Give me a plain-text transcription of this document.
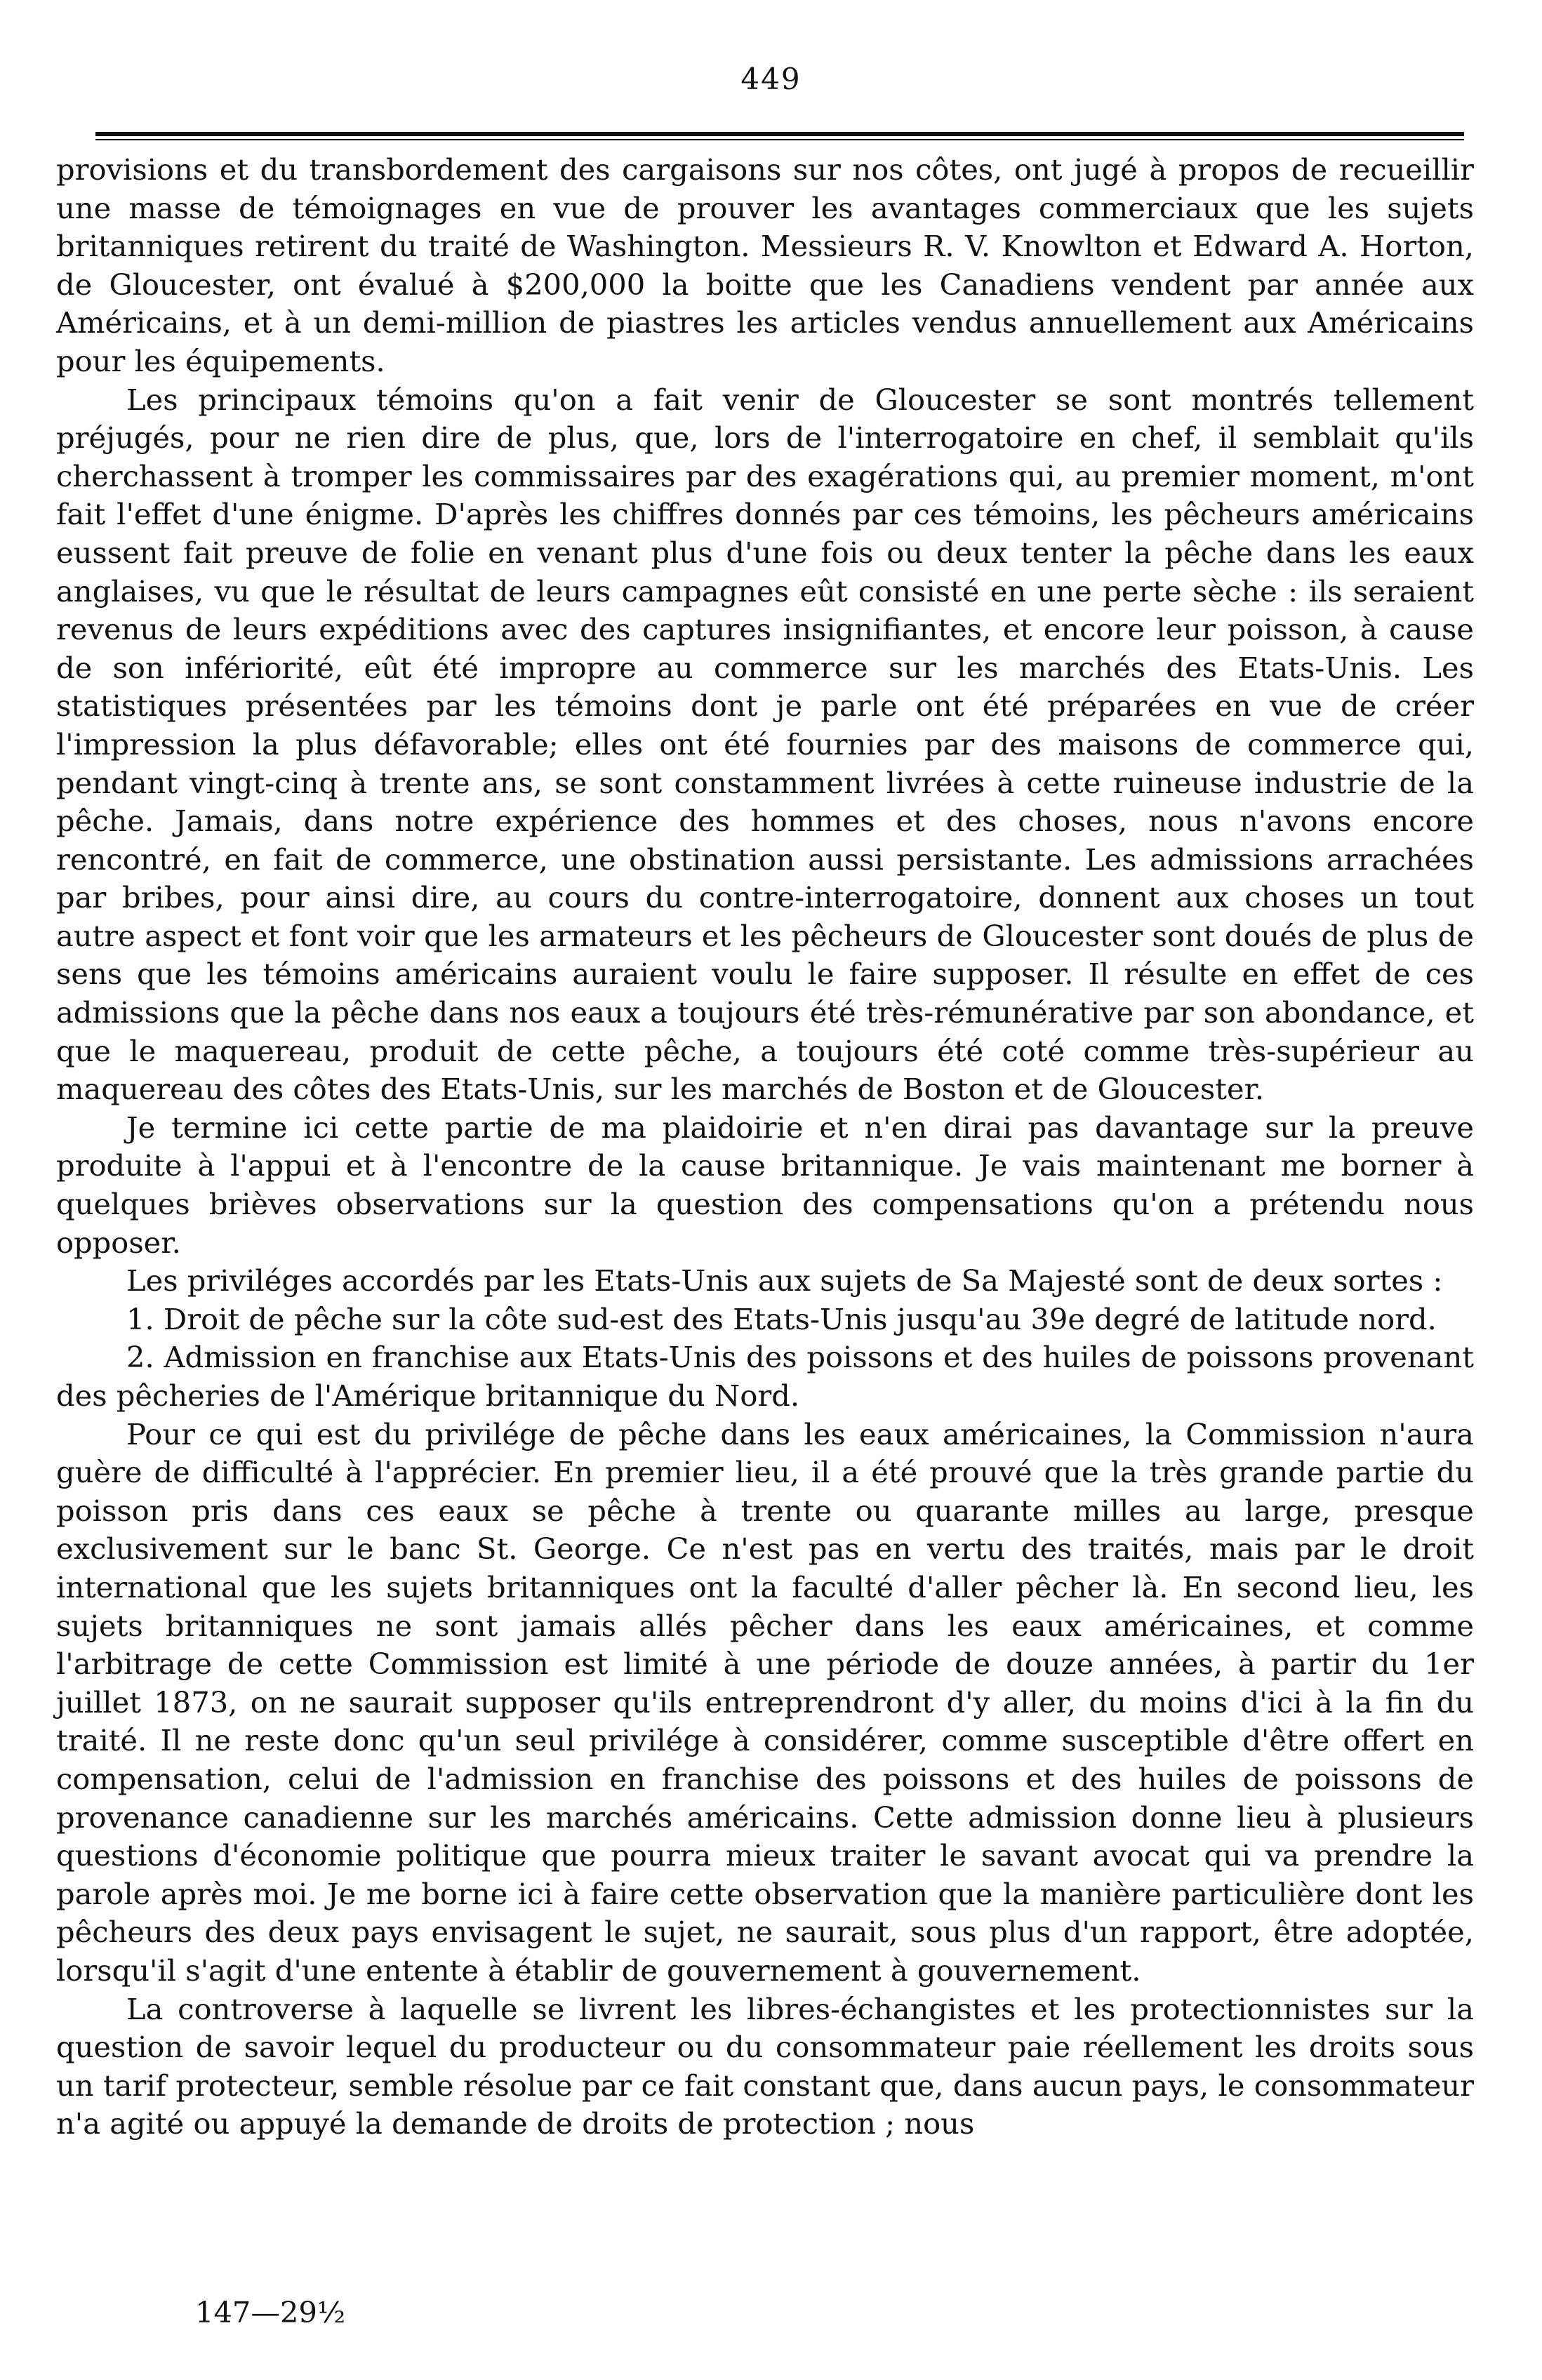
449

provisions et du transbordement des cargaisons sur nos côtes, ont jugé à propos de recueillir une masse de témoignages en vue de prouver les avantages commerciaux que les sujets britanniques retirent du traité de Washington. Messieurs R. V. Knowlton et Edward A. Horton, de Gloucester, ont évalué à $200,000 la boitte que les Canadiens vendent par année aux Américains, et à un demi-million de piastres les articles vendus annuellement aux Américains pour les équipements.

Les principaux témoins qu'on a fait venir de Gloucester se sont montrés tellement préjugés, pour ne rien dire de plus, que, lors de l'interrogatoire en chef, il semblait qu'ils cherchassent à tromper les commissaires par des exagérations qui, au premier moment, m'ont fait l'effet d'une énigme. D'après les chiffres donnés par ces témoins, les pêcheurs américains eussent fait preuve de folie en venant plus d'une fois ou deux tenter la pêche dans les eaux anglaises, vu que le résultat de leurs campagnes eût consisté en une perte sèche : ils seraient revenus de leurs expéditions avec des captures insignifiantes, et encore leur poisson, à cause de son infériorité, eût été impropre au commerce sur les marchés des Etats-Unis. Les statistiques présentées par les témoins dont je parle ont été préparées en vue de créer l'impression la plus défavorable; elles ont été fournies par des maisons de commerce qui, pendant vingt-cinq à trente ans, se sont constamment livrées à cette ruineuse industrie de la pêche. Jamais, dans notre expérience des hommes et des choses, nous n'avons encore rencontré, en fait de commerce, une obstination aussi persistante. Les admissions arrachées par bribes, pour ainsi dire, au cours du contre-interrogatoire, donnent aux choses un tout autre aspect et font voir que les armateurs et les pêcheurs de Gloucester sont doués de plus de sens que les témoins américains auraient voulu le faire supposer. Il résulte en effet de ces admissions que la pêche dans nos eaux a toujours été très-rémunérative par son abondance, et que le maquereau, produit de cette pêche, a toujours été coté comme très-supérieur au maquereau des côtes des Etats-Unis, sur les marchés de Boston et de Gloucester.

Je termine ici cette partie de ma plaidoirie et n'en dirai pas davantage sur la preuve produite à l'appui et à l'encontre de la cause britannique. Je vais maintenant me borner à quelques brièves observations sur la question des compensations qu'on a prétendu nous opposer.

Les priviléges accordés par les Etats-Unis aux sujets de Sa Majesté sont de deux sortes :

1. Droit de pêche sur la côte sud-est des Etats-Unis jusqu'au 39e degré de latitude nord.

2. Admission en franchise aux Etats-Unis des poissons et des huiles de poissons provenant des pêcheries de l'Amérique britannique du Nord.

Pour ce qui est du privilége de pêche dans les eaux américaines, la Commission n'aura guère de difficulté à l'apprécier. En premier lieu, il a été prouvé que la très grande partie du poisson pris dans ces eaux se pêche à trente ou quarante milles au large, presque exclusivement sur le banc St. George. Ce n'est pas en vertu des traités, mais par le droit international que les sujets britanniques ont la faculté d'aller pêcher là. En second lieu, les sujets britanniques ne sont jamais allés pêcher dans les eaux américaines, et comme l'arbitrage de cette Commission est limité à une période de douze années, à partir du 1er juillet 1873, on ne saurait supposer qu'ils entreprendront d'y aller, du moins d'ici à la fin du traité. Il ne reste donc qu'un seul privilége à considérer, comme susceptible d'être offert en compensation, celui de l'admission en franchise des poissons et des huiles de poissons de provenance canadienne sur les marchés américains. Cette admission donne lieu à plusieurs questions d'économie politique que pourra mieux traiter le savant avocat qui va prendre la parole après moi. Je me borne ici à faire cette observation que la manière particulière dont les pêcheurs des deux pays envisagent le sujet, ne saurait, sous plus d'un rapport, être adoptée, lorsqu'il s'agit d'une entente à établir de gouvernement à gouvernement.

La controverse à laquelle se livrent les libres-échangistes et les protectionnistes sur la question de savoir lequel du producteur ou du consommateur paie réellement les droits sous un tarif protecteur, semble résolue par ce fait constant que, dans aucun pays, le consommateur n'a agité ou appuyé la demande de droits de protection ; nous

147—29½
